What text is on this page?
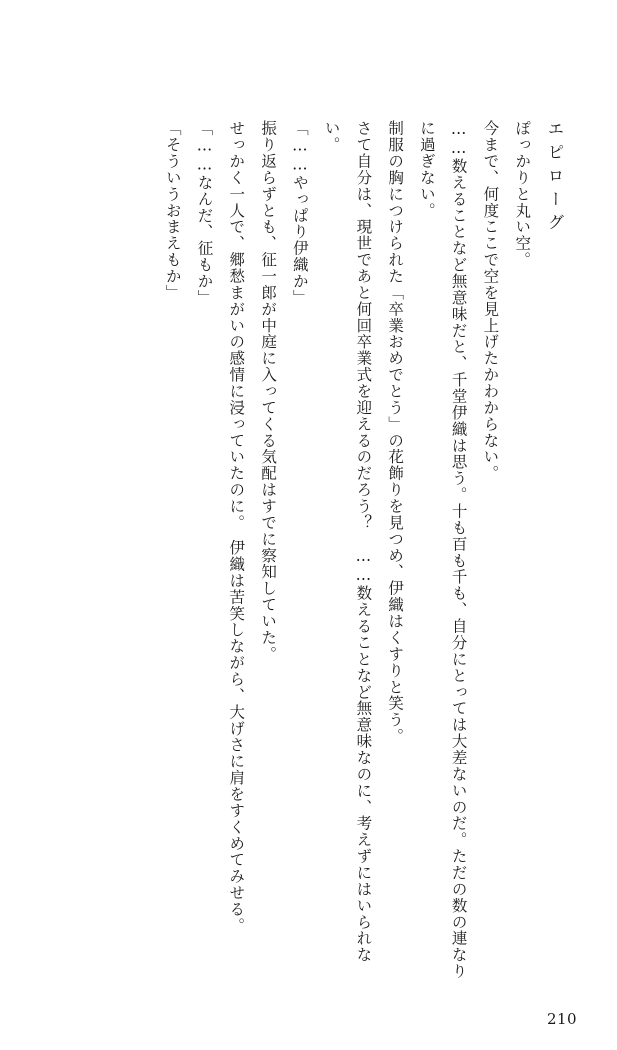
エピローグ

ぽっかりと丸い空。

今まで、何度ここで空を見上げたかわからない。

……数えることなど無意味だと、千堂伊織は思う。十も百も千も、自分にとっては大差ないのだ。ただの数の連なりに過ぎない。

制服の胸につけられた「卒業おめでとう」の花飾りを見つめ、伊織はくすりと笑う。

さて自分は、現世であと何回卒業式を迎えるのだろう？　……数えることなど無意味なのに、考えずにはいられない。

「……やっぱり伊織か」

振り返らずとも、征一郎が中庭に入ってくる気配はすでに察知していた。

せっかく一人で、郷愁まがいの感情に浸っていたのに。　伊織は苦笑しながら、大げさに肩をすくめてみせる。

「……なんだ、征もか」

「そういうおまえもか」

210
